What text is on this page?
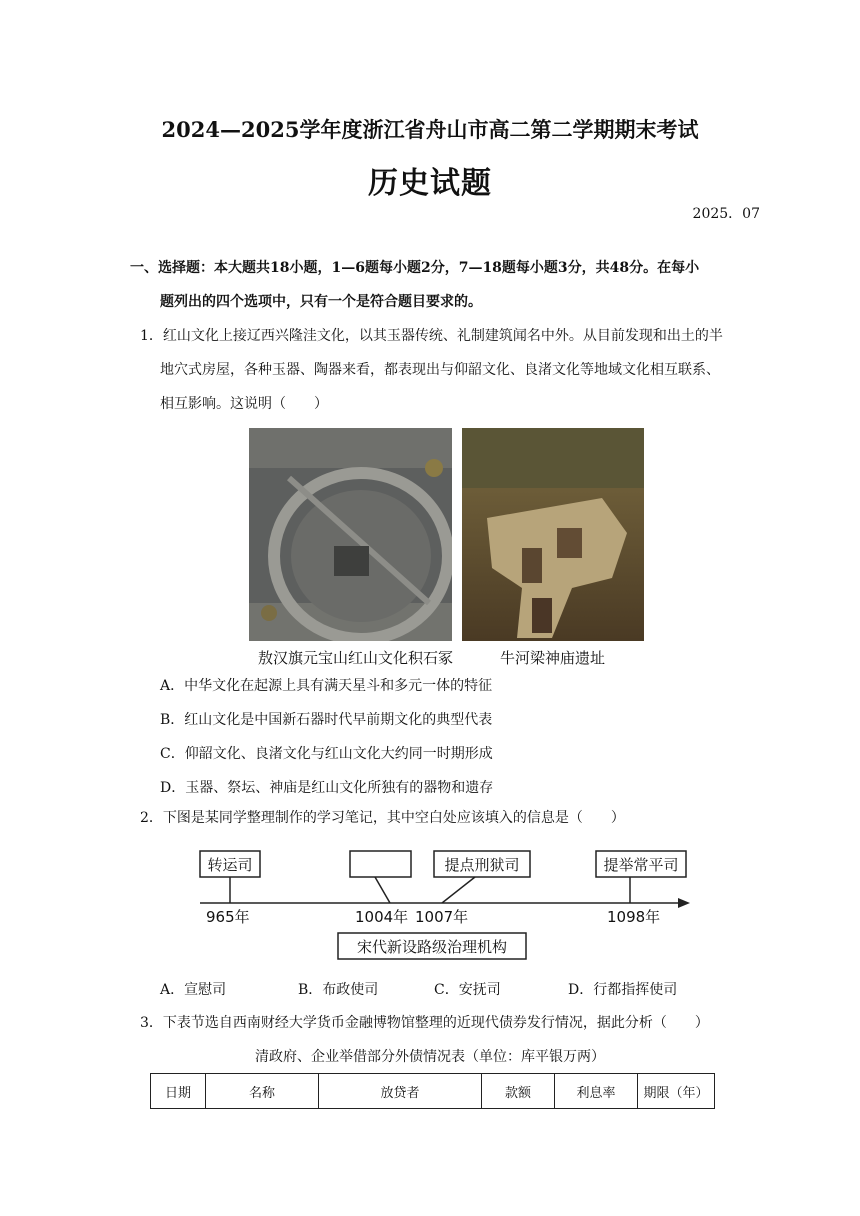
2024—2025学年度浙江省舟山市高二第二学期期末考试
历史试题
2025．07
一、选择题：本大题共18小题，1—6题每小题2分，7—18题每小题3分，共48分。在每小
题列出的四个选项中，只有一个是符合题目要求的。
1．红山文化上接辽西兴隆洼文化，以其玉器传统、礼制建筑闻名中外。从目前发现和出土的半
地穴式房屋，各种玉器、陶器来看，都表现出与仰韶文化、良渚文化等地域文化相互联系、
相互影响。这说明（　　）
敖汉旗元宝山红山文化积石冢	牛河梁神庙遗址
A．中华文化在起源上具有满天星斗和多元一体的特征
B．红山文化是中国新石器时代早前期文化的典型代表
C．仰韶文化、良渚文化与红山文化大约同一时期形成
D．玉器、祭坛、神庙是红山文化所独有的器物和遗存
2．下图是某同学整理制作的学习笔记，其中空白处应该填入的信息是（　　）
转运司	提点刑狱司	提举常平司
965年	1004年 1007年	1098年
宋代新设路级治理机构
A．宣慰司	B．布政使司	C．安抚司	D．行都指挥使司
3．下表节选自西南财经大学货币金融博物馆整理的近现代债券发行情况，据此分析（　　）
清政府、企业举借部分外债情况表（单位：库平银万两）
日期	名称	放贷者	款额	利息率	期限（年）
